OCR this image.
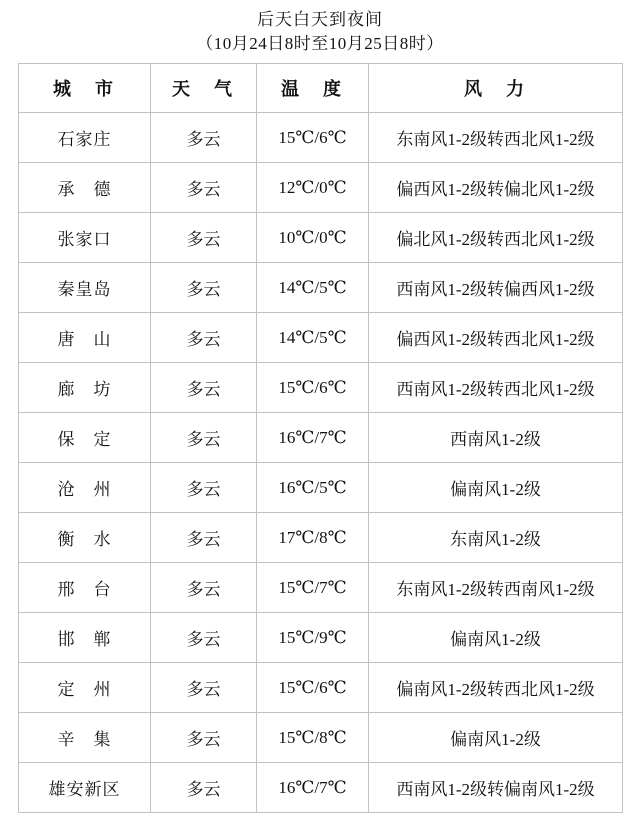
后天白天到夜间
（10月24日8时至10月25日8时）
城　市	天　气	温　度	风　力
石家庄	多云	15℃/6℃	东南风1-2级转西北风1-2级
承　德	多云	12℃/0℃	偏西风1-2级转偏北风1-2级
张家口	多云	10℃/0℃	偏北风1-2级转西北风1-2级
秦皇岛	多云	14℃/5℃	西南风1-2级转偏西风1-2级
唐　山	多云	14℃/5℃	偏西风1-2级转西北风1-2级
廊　坊	多云	15℃/6℃	西南风1-2级转西北风1-2级
保　定	多云	16℃/7℃	西南风1-2级
沧　州	多云	16℃/5℃	偏南风1-2级
衡　水	多云	17℃/8℃	东南风1-2级
邢　台	多云	15℃/7℃	东南风1-2级转西南风1-2级
邯　郸	多云	15℃/9℃	偏南风1-2级
定　州	多云	15℃/6℃	偏南风1-2级转西北风1-2级
辛　集	多云	15℃/8℃	偏南风1-2级
雄安新区	多云	16℃/7℃	西南风1-2级转偏南风1-2级
